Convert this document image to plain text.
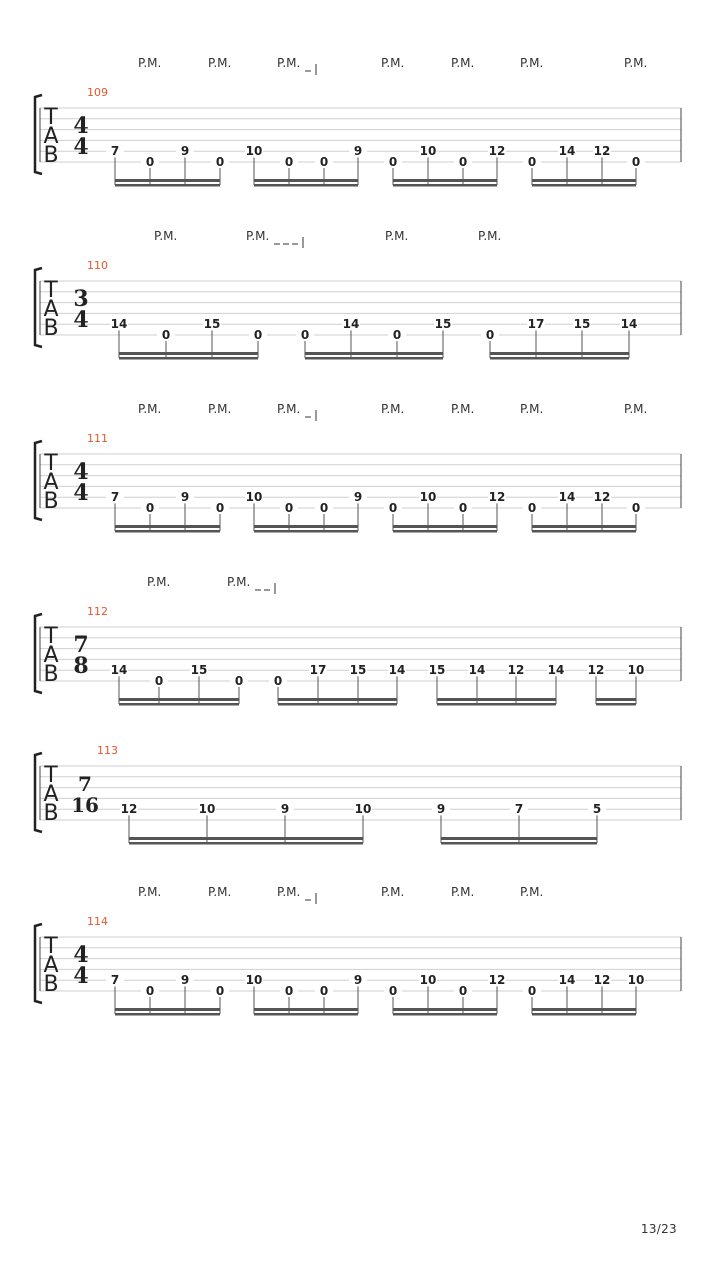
T
A
B
4
4
109
7
0
9
0
10
0 0
9
0
10
0
12
0
14 12
0
P.M.	P.M.	P.M.	P.M.	P.M.	P.M.	P.M.
T
A
B
3
4
110
14
0
15
0	0
14
0
15
0
17 15	14
P.M.	P.M.	P.M.	P.M.
T
A
B
4
4
111
7
0
9
0
10
0 0
9
0
10
0
12
0
14 12
0
P.M.	P.M.	P.M.	P.M.	P.M.	P.M.	P.M.
T
A
B
7
8
112
14
0
15
0	0
17 15 14 15 14 12 14 12 10
P.M.	P.M.
T
A
B
7
16
113
12	10	9	10	9	7	5
T
A
B
4
4
114
7
0
9
0
10
0 0
9
0
10
0
12
0
14 12 10
P.M.	P.M.	P.M.	P.M.	P.M.	P.M.
13/23
